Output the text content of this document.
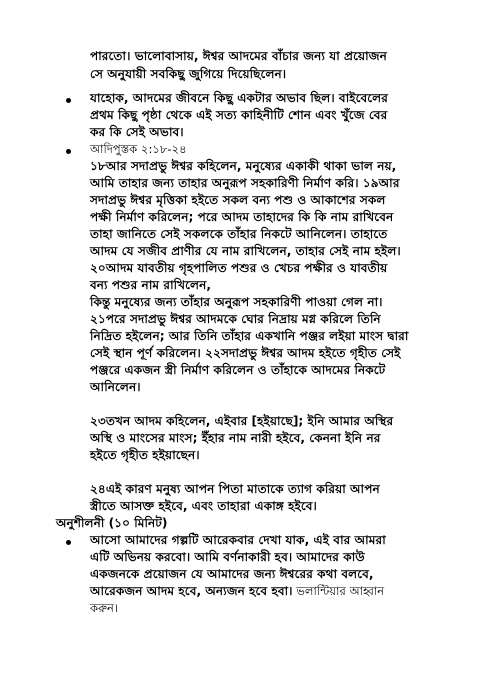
পারতো। ভালোবাসায়, ঈশ্বর আদমের বাঁচার জন্য যা প্রয়োজন
সে অনুযায়ী সবকিছু জুগিয়ে দিয়েছিলেন।
যাহোক, আদমের জীবনে কিছু একটার অভাব ছিল। বাইবেলের
প্রথম কিছু পৃষ্ঠা থেকে এই সত্য কাহিনীটি শোন এবং খুঁজে বের
কর কি সেই অভাব।
আদিপুস্তক ২:১৮-২৪
১৮আর সদাপ্রভু ঈশ্বর কহিলেন, মনুষ্যের একাকী থাকা ভাল নয়,
আমি তাহার জন্য তাহার অনুরূপ সহকারিণী নির্মাণ করি। ১৯আর
সদাপ্রভু ঈশ্বর মৃত্তিকা হইতে সকল বন্য পশু ও আকাশের সকল
পক্ষী নির্মাণ করিলেন; পরে আদম তাহাদের কি কি নাম রাখিবেন
তাহা জানিতে সেই সকলকে তাঁহার নিকটে আনিলেন। তাহাতে
আদম যে সজীব প্রাণীর যে নাম রাখিলেন, তাহার সেই নাম হইল।
২০আদম যাবতীয় গৃহপালিত পশুর ও খেচর পক্ষীর ও যাবতীয়
বন্য পশুর নাম রাখিলেন,
কিন্তু মনুষ্যের জন্য তাঁহার অনুরূপ সহকারিণী পাওয়া গেল না।
২১পরে সদাপ্রভু ঈশ্বর আদমকে ঘোর নিদ্রায় মগ্ন করিলে তিনি
নিদ্রিত হইলেন; আর তিনি তাঁহার একখানি পঞ্জর লইয়া মাংস দ্বারা
সেই স্থান পূর্ণ করিলেন। ২২সদাপ্রভু ঈশ্বর আদম হইতে গৃহীত সেই
পঞ্জরে একজন স্ত্রী নির্মাণ করিলেন ও তাঁহাকে আদমের নিকটে
আনিলেন।
২৩তখন আদম কহিলেন, এইবার [হইয়াছে]; ইনি আমার অস্থির
অস্থি ও মাংসের মাংস; ইঁহার নাম নারী হইবে, কেননা ইনি নর
হইতে গৃহীত হইয়াছেন।
২৪এই কারণ মনুষ্য আপন পিতা মাতাকে ত্যাগ করিয়া আপন
স্ত্রীতে আসক্ত হইবে, এবং তাহারা একাঙ্গ হইবে।
অনুশীলনী (১০ মিনিট)
আসো আমাদের গল্পটি আরেকবার দেখা যাক, এই বার আমরা
এটি অভিনয় করবো। আমি বর্ণনাকারী হব। আমাদের কাউ
একজনকে প্রয়োজন যে আমাদের জন্য ঈশ্বরের কথা বলবে,
আরেকজন আদম হবে, অন্যজন হবে হবা। ভলান্টিয়ার আহ্বান
করুন।
